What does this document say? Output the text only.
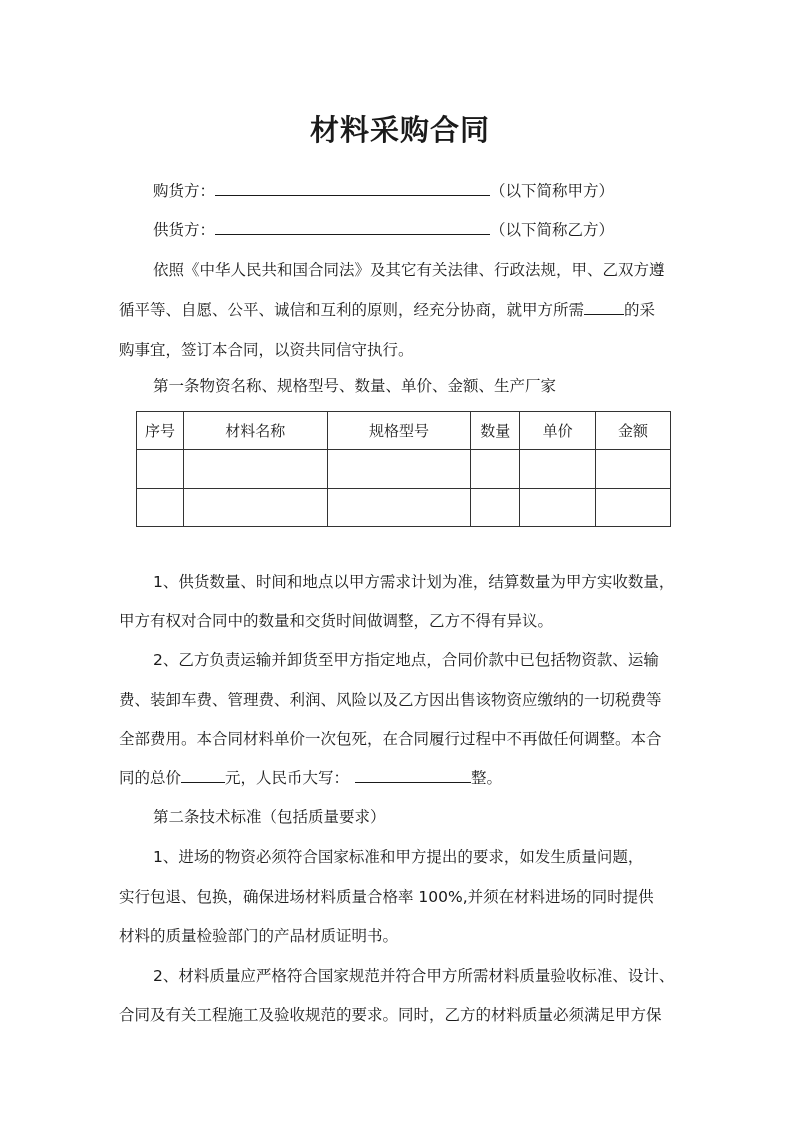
材料采购合同
购货方：	（以下简称甲方）
供货方：	（以下简称乙方）
依照《中华人民共和国合同法》及其它有关法律、行政法规，甲、乙双方遵
循平等、自愿、公平、诚信和互利的原则，经充分协商，就甲方所需	的采
购事宜，签订本合同，以资共同信守执行。
第一条物资名称、规格型号、数量、单价、金额、生产厂家
序号	材料名称	规格型号	数量	单价	金额

1、供货数量、时间和地点以甲方需求计划为准，结算数量为甲方实收数量，
甲方有权对合同中的数量和交货时间做调整，乙方不得有异议。
2、乙方负责运输并卸货至甲方指定地点，合同价款中已包括物资款、运输
费、装卸车费、管理费、利润、风险以及乙方因出售该物资应缴纳的一切税费等
全部费用。本合同材料单价一次包死，在合同履行过程中不再做任何调整。本合
同的总价	元，人民币大写：	整。
第二条技术标准（包括质量要求）
1、进场的物资必须符合国家标准和甲方提出的要求，如发生质量问题，
实行包退、包换，确保进场材料质量合格率 100%,并须在材料进场的同时提供
材料的质量检验部门的产品材质证明书。
2、材料质量应严格符合国家规范并符合甲方所需材料质量验收标准、设计、
合同及有关工程施工及验收规范的要求。同时，乙方的材料质量必须满足甲方保
